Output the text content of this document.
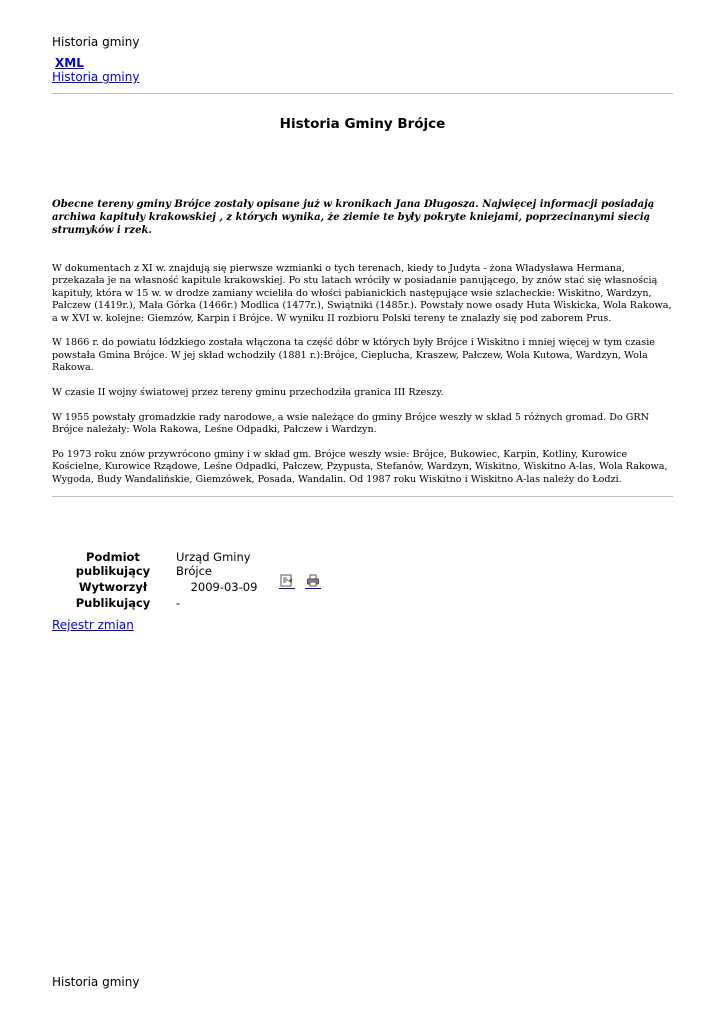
Historia gminy
XML
Historia gminy
Historia Gminy Brójce
Obecne tereny gminy Brójce zostały opisane już w kronikach Jana Długosza. Najwięcej informacji posiadają archiwa kapituły krakowskiej , z których wynika, że ziemie te były pokryte kniejami, poprzecinanymi siecią strumyków i rzek.

W dokumentach z XI w. znajdują się pierwsze wzmianki o tych terenach, kiedy to Judyta - żona Władysława Hermana, przekazała je na własność kapitule krakowskiej. Po stu latach wróciły w posiadanie panującego, by znów stać się własnością kapituły, która w 15 w. w drodze zamiany wcieliła do włości pabianickich następujące wsie szlacheckie: Wiskitno, Wardzyn, Pałczew (1419r.), Mała Górka (1466r.) Modlica (1477r.), Swiątniki (1485r.). Powstały nowe osady Huta Wiskicka, Wola Rakowa, a w XVI w. kolejne: Giemzów, Karpin i Brójce. W wyniku II rozbioru Polski tereny te znalazły się pod zaborem Prus.

W 1866 r. do powiatu łódzkiego została włączona ta część dóbr w których były Brójce i Wiskitno i mniej więcej w tym czasie powstała Gmina Brójce. W jej skład wchodziły (1881 r.):Brójce, Cieplucha, Kraszew, Pałczew, Wola Kutowa, Wardzyn, Wola Rakowa.

W czasie II wojny światowej przez tereny gminu przechodziła granica III Rzeszy.

W 1955 powstały gromadzkie rady narodowe, a wsie należące do gminy Brójce weszły w skład 5 różnych gromad. Do GRN Brójce należały: Wola Rakowa, Leśne Odpadki, Pałczew i Wardzyn.

Po 1973 roku znów przywrócono gminy i w skład gm. Brójce weszły wsie: Brójce, Bukowiec, Karpin, Kotliny, Kurowice Kościelne, Kurowice Rządowe, Leśne Odpadki, Pałczew, Pzypusta, Stefanów, Wardzyn, Wiskitno, Wiskitno A-las, Wola Rakowa, Wygoda, Budy Wandalińskie, Giemzówek, Posada, Wandalin. Od 1987 roku Wiskitno i Wiskitno A-las należy do Łodzi.

Podmiot publikujący	Urząd Gminy Brójce
Wytworzył	2009-03-09
Publikujący	-

Rejestr zmian
Historia gminy
